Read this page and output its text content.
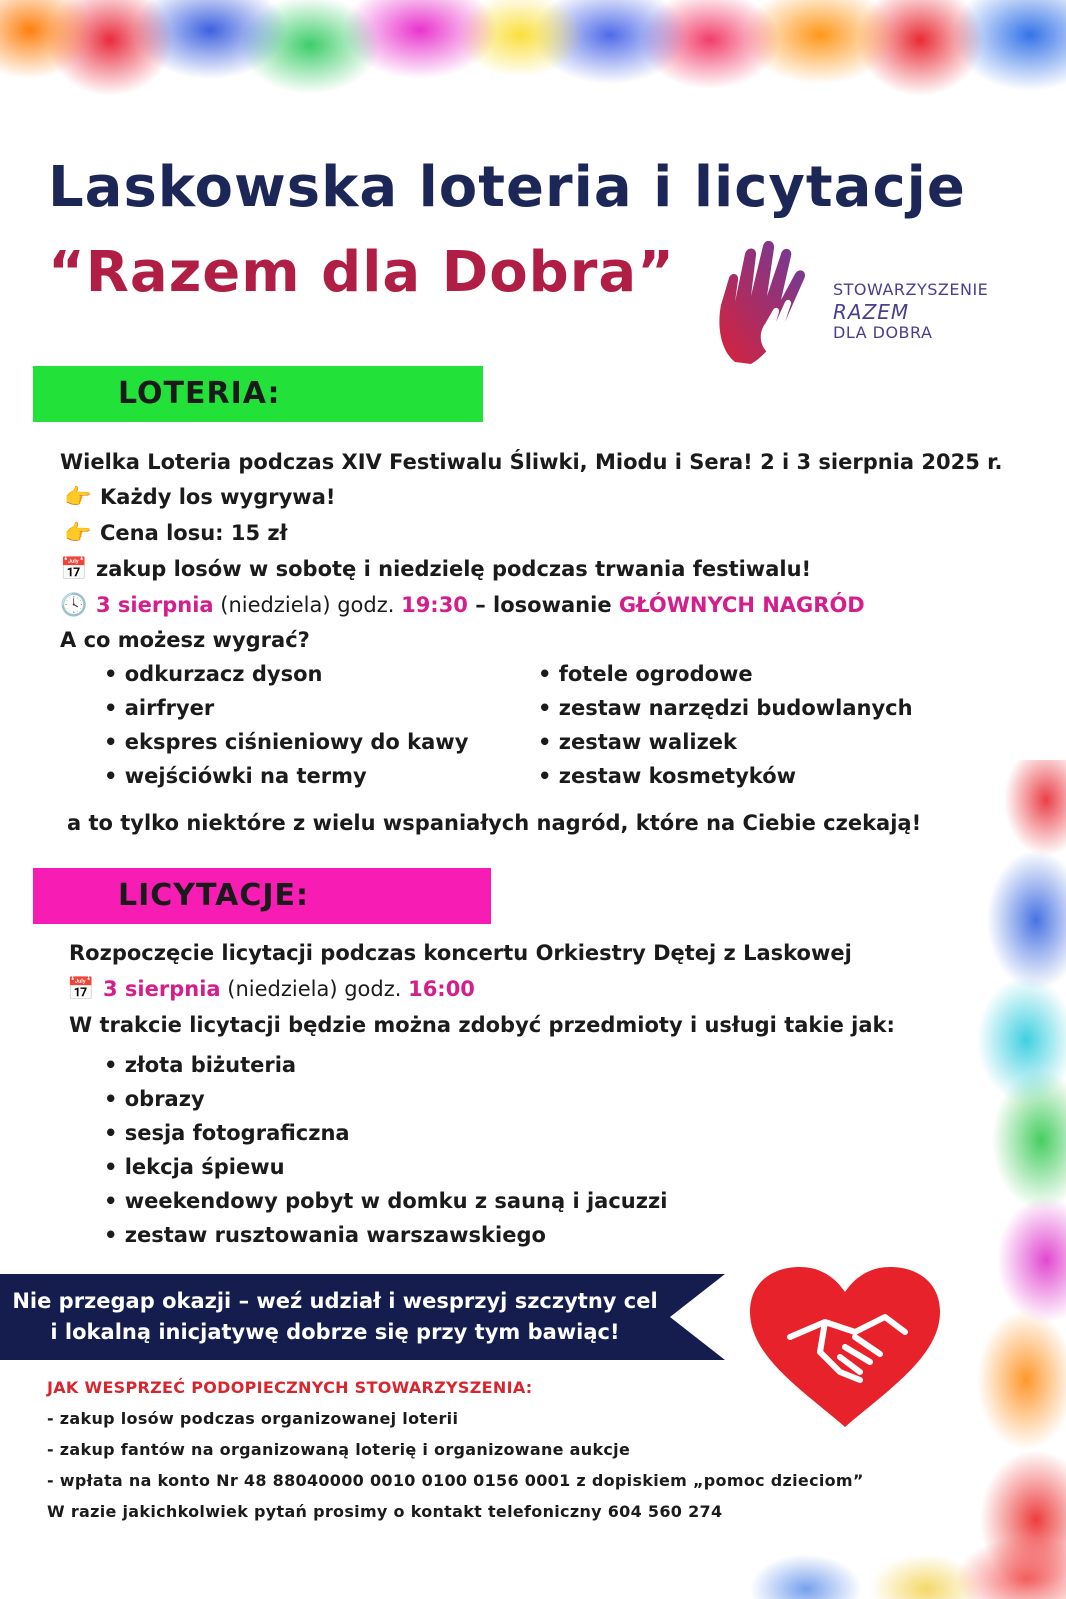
Laskowska loteria i licytacje
“Razem dla Dobra”	STOWARZYSZENIE
RAZEM
DLA DOBRA
LOTERIA:
Wielka Loteria podczas XIV Festiwalu Śliwki, Miodu i Sera! 2 i 3 sierpnia 2025 r.
👉 Każdy los wygrywa!
👉 Cena losu: 15 zł
📅 zakup losów w sobotę i niedzielę podczas trwania festiwalu!
🕓 3 sierpnia (niedziela) godz. 19:30 – losowanie GŁÓWNYCH NAGRÓD
A co możesz wygrać?
• odkurzacz dyson
• airfryer
• ekspres ciśnieniowy do kawy
• wejściówki na termy
• fotele ogrodowe
• zestaw narzędzi budowlanych
• zestaw walizek
• zestaw kosmetyków
a to tylko niektóre z wielu wspaniałych nagród, które na Ciebie czekają!
LICYTACJE:
Rozpoczęcie licytacji podczas koncertu Orkiestry Dętej z Laskowej
📅 3 sierpnia (niedziela) godz. 16:00
W trakcie licytacji będzie można zdobyć przedmioty i usługi takie jak:
• złota biżuteria
• obrazy
• sesja fotograficzna
• lekcja śpiewu
• weekendowy pobyt w domku z sauną i jacuzzi
• zestaw rusztowania warszawskiego
Nie przegap okazji – weź udział i wesprzyj szczytny cel
i lokalną inicjatywę dobrze się przy tym bawiąc!
JAK WESPRZEĆ PODOPIECZNYCH STOWARZYSZENIA:
- zakup losów podczas organizowanej loterii
- zakup fantów na organizowaną loterię i organizowane aukcje
- wpłata na konto Nr 48 88040000 0010 0100 0156 0001 z dopiskiem „pomoc dzieciom”
W razie jakichkolwiek pytań prosimy o kontakt telefoniczny 604 560 274
